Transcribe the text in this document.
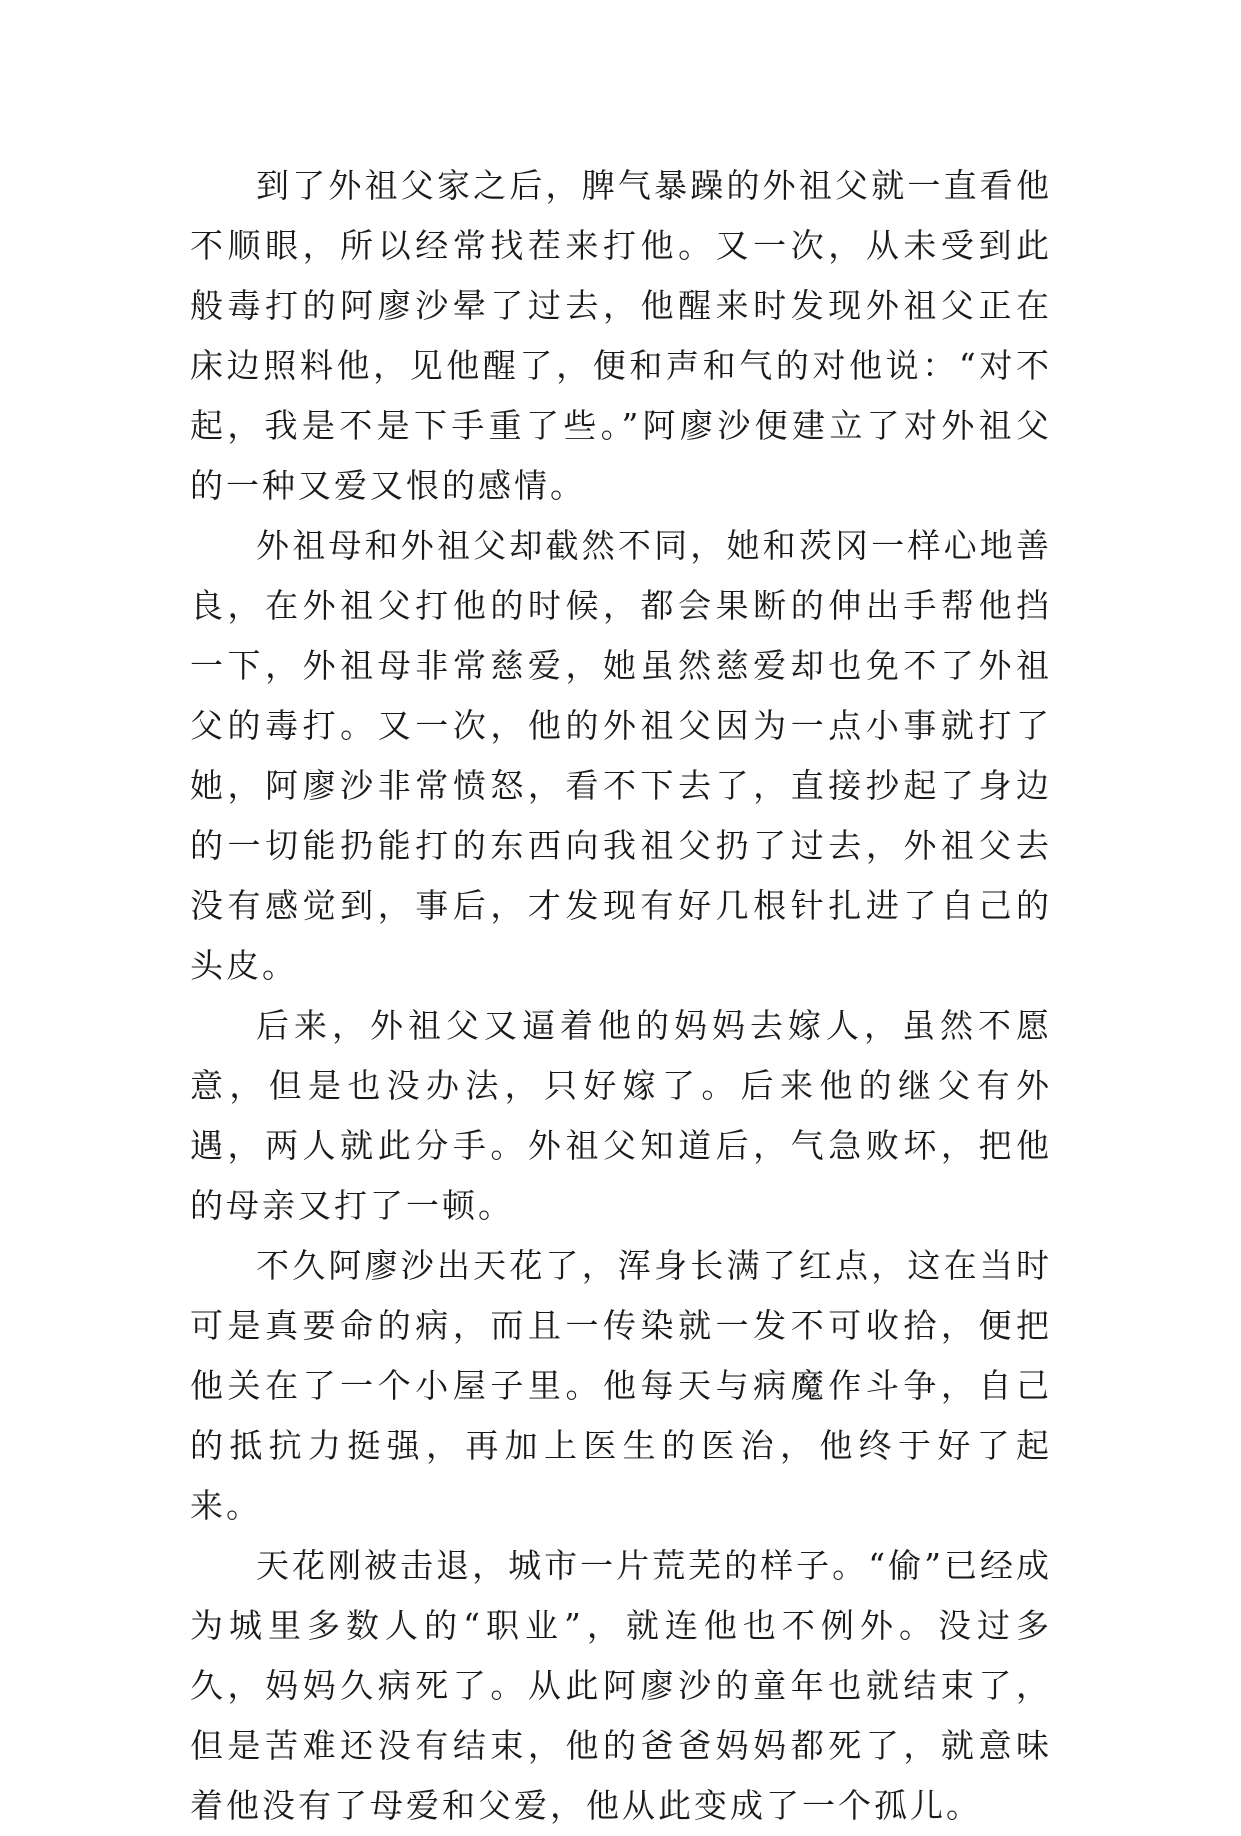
到了外祖父家之后，脾气暴躁的外祖父就一直看他不顺眼，所以经常找茬来打他。又一次，从未受到此般毒打的阿廖沙晕了过去，他醒来时发现外祖父正在床边照料他，见他醒了，便和声和气的对他说：“对不起，我是不是下手重了些。”阿廖沙便建立了对外祖父的一种又爱又恨的感情。

外祖母和外祖父却截然不同，她和茨冈一样心地善良，在外祖父打他的时候，都会果断的伸出手帮他挡一下，外祖母非常慈爱，她虽然慈爱却也免不了外祖父的毒打。又一次，他的外祖父因为一点小事就打了她，阿廖沙非常愤怒，看不下去了，直接抄起了身边的一切能扔能打的东西向我祖父扔了过去，外祖父去没有感觉到，事后，才发现有好几根针扎进了自己的头皮。

后来，外祖父又逼着他的妈妈去嫁人，虽然不愿意，但是也没办法，只好嫁了。后来他的继父有外遇，两人就此分手。外祖父知道后，气急败坏，把他的母亲又打了一顿。

不久阿廖沙出天花了，浑身长满了红点，这在当时可是真要命的病，而且一传染就一发不可收拾，便把他关在了一个小屋子里。他每天与病魔作斗争，自己的抵抗力挺强，再加上医生的医治，他终于好了起来。

天花刚被击退，城市一片荒芜的样子。“偷”已经成为城里多数人的“职业”，就连他也不例外。没过多久，妈妈久病死了。从此阿廖沙的童年也就结束了，但是苦难还没有结束，他的爸爸妈妈都死了，就意味着他没有了母爱和父爱，他从此变成了一个孤儿。
